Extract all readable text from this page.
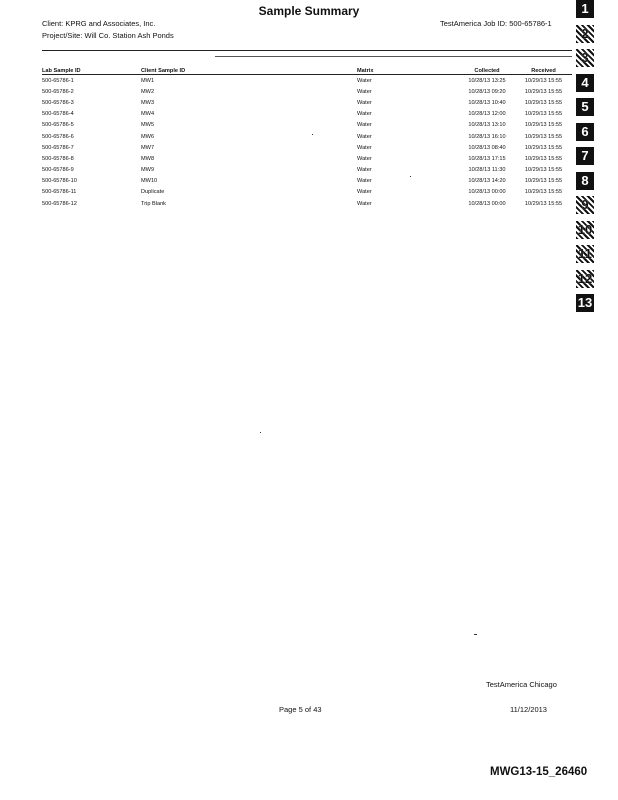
Sample Summary
Client: KPRG and Associates, Inc.
Project/Site: Will Co. Station Ash Ponds
TestAmerica Job ID: 500-65786-1
Lab Sample ID	Client Sample ID	Matrix	Collected	Received
500-65786-1	MW1	Water	10/28/13 13:25	10/29/13 15:55
500-65786-2	MW2	Water	10/28/13 09:20	10/29/13 15:55
500-65786-3	MW3	Water	10/28/13 10:40	10/29/13 15:55
500-65786-4	MW4	Water	10/28/13 12:00	10/29/13 15:55
500-65786-5	MW5	Water	10/28/13 13:10	10/29/13 15:55
500-65786-6	MW6	Water	10/28/13 16:10	10/29/13 15:55
500-65786-7	MW7	Water	10/28/13 08:40	10/29/13 15:55
500-65786-8	MW8	Water	10/28/13 17:15	10/29/13 15:55
500-65786-9	MW9	Water	10/28/13 11:30	10/29/13 15:55
500-65786-10	MW10	Water	10/28/13 14:20	10/29/13 15:55
500-65786-11	Duplicate	Water	10/28/13 00:00	10/29/13 15:55
500-65786-12	Trip Blank	Water	10/28/13 00:00	10/29/13 15:55
1
2
3
4
5
6
7
8
9
10
11
12
13
TestAmerica Chicago
Page 5 of 43	11/12/2013
MWG13-15_26460
